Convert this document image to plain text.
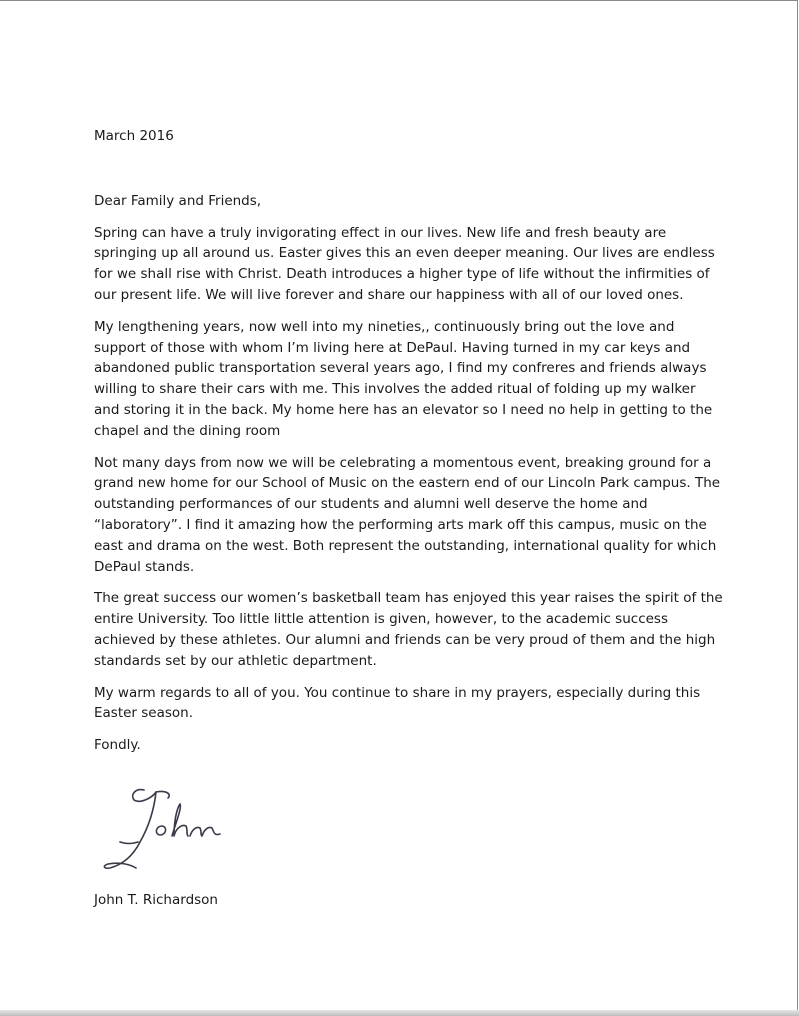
March 2016

Dear Family and Friends,

Spring can have a truly invigorating effect in our lives. New life and fresh beauty are springing up all around us. Easter gives this an even deeper meaning. Our lives are endless for we shall rise with Christ. Death introduces a higher type of life without the infirmities of our present life. We will live forever and share our happiness with all of our loved ones.

My lengthening years, now well into my nineties,, continuously bring out the love and support of those with whom I’m living here at DePaul. Having turned in my car keys and abandoned public transportation several years ago, I find my confreres and friends always willing to share their cars with me. This involves the added ritual of folding up my walker and storing it in the back. My home here has an elevator so I need no help in getting to the chapel and the dining room

Not many days from now we will be celebrating a momentous event, breaking ground for a grand new home for our School of Music on the eastern end of our Lincoln Park campus. The outstanding performances of our students and alumni well deserve the home and “laboratory”. I find it amazing how the performing arts mark off this campus, music on the east and drama on the west. Both represent the outstanding, international quality for which DePaul stands.

The great success our women’s basketball team has enjoyed this year raises the spirit of the entire University. Too little little attention is given, however, to the academic success achieved by these athletes. Our alumni and friends can be very proud of them and the high standards set by our athletic department.

My warm regards to all of you. You continue to share in my prayers, especially during this Easter season.

Fondly.

John T. Richardson
